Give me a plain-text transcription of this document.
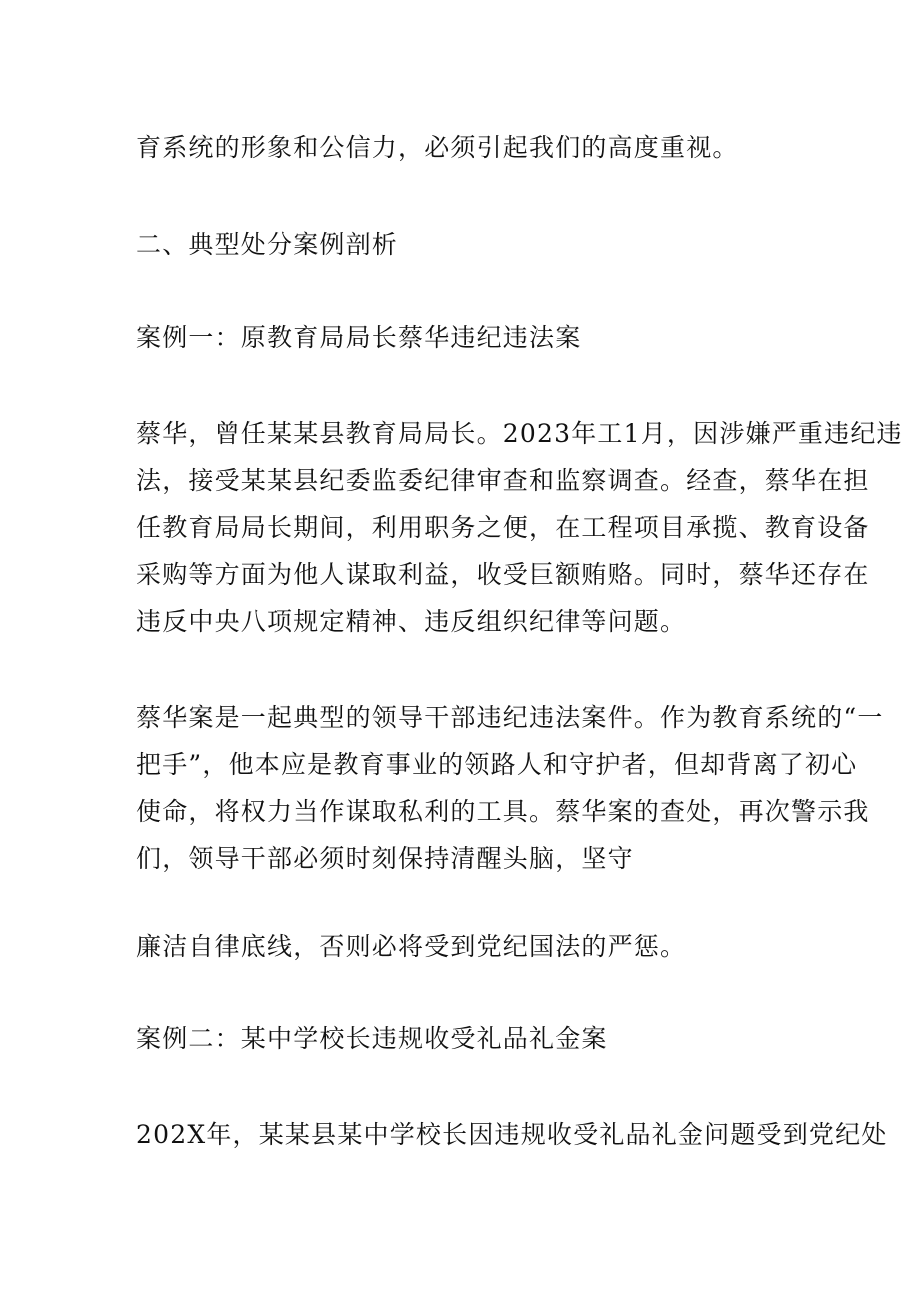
育系统的形象和公信力，必须引起我们的高度重视。
二、典型处分案例剖析
案例一：原教育局局长蔡华违纪违法案
蔡华，曾任某某县教育局局长。2023年工1月，因涉嫌严重违纪违
法，接受某某县纪委监委纪律审查和监察调查。经查，蔡华在担
任教育局局长期间，利用职务之便，在工程项目承揽、教育设备
采购等方面为他人谋取利益，收受巨额贿赂。同时，蔡华还存在
违反中央八项规定精神、违反组织纪律等问题。
蔡华案是一起典型的领导干部违纪违法案件。作为教育系统的“一
把手”，他本应是教育事业的领路人和守护者，但却背离了初心
使命，将权力当作谋取私利的工具。蔡华案的查处，再次警示我
们，领导干部必须时刻保持清醒头脑，坚守
廉洁自律底线，否则必将受到党纪国法的严惩。
案例二：某中学校长违规收受礼品礼金案
202X年，某某县某中学校长因违规收受礼品礼金问题受到党纪处
